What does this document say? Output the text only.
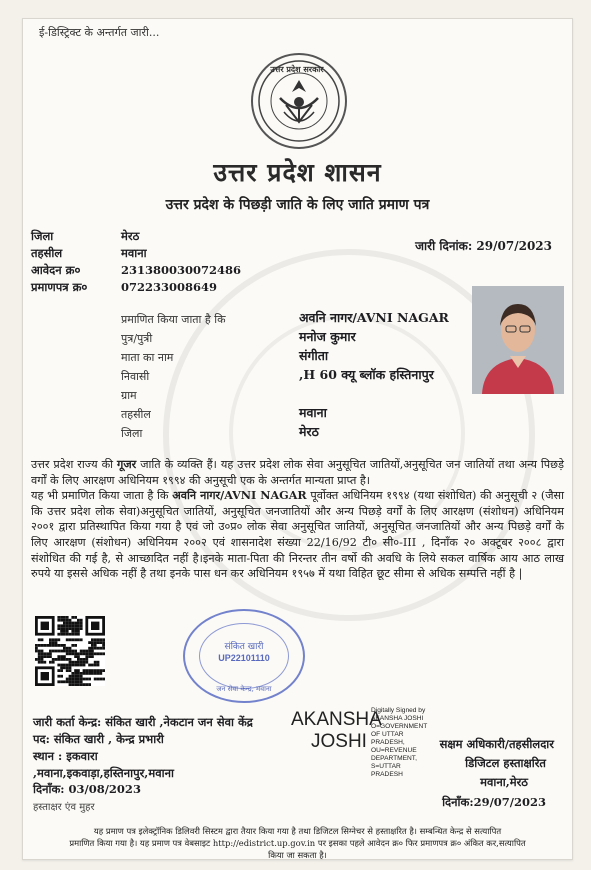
ई-डिस्ट्रिक्ट के अन्तर्गत जारी...
उत्तर प्रदेश सरकार
उत्तर प्रदेश शासन
उत्तर प्रदेश के पिछड़ी जाति के लिए जाति प्रमाण पत्र
जिला	मेरठ
तहसील	मवाना
आवेदन क्र०	231380030072486
प्रमाणपत्र क्र०	072233008649
जारी दिनांक: 29/07/2023
प्रमाणित किया जाता है कि	अवनि नागर/AVNI NAGAR
पुत्र/पुत्री	मनोज कुमार
माता का नाम	संगीता
निवासी	,H 60 क्यू ब्लॉक हस्तिनापुर
ग्राम
तहसील	मवाना
जिला	मेरठ
उत्तर प्रदेश राज्य की गूजर जाति के व्यक्ति हैं। यह उत्तर प्रदेश लोक सेवा अनुसूचित जातियों,अनुसूचित जन जातियों तथा अन्य पिछड़े वर्गों के लिए आरक्षण अधिनियम १९९४ की अनुसूची एक के अन्तर्गत मान्यता प्राप्त है।
यह भी प्रमाणित किया जाता है कि अवनि नागर/AVNI NAGAR पूर्वोक्त अधिनियम १९९४ (यथा संशोधित) की अनुसूची २ (जैसा कि उत्तर प्रदेश लोक सेवा)अनुसूचित जातियों, अनुसूचित जनजातियों और अन्य पिछड़े वर्गों के लिए आरक्षण (संशोधन) अधिनियम २००१ द्वारा प्रतिस्थापित किया गया है एवं जो उ०प्र० लोक सेवा अनुसूचित जातियों, अनुसूचित जनजातियों और अन्य पिछड़े वर्गों के लिए आरक्षण (संशोधन) अधिनियम २००२ एवं शासनादेश संख्या 22/16/92 टी० सी०-III , दिनाँक २० अक्टूबर २००८ द्वारा संशोधित की गई है, से आच्छादित नहीं है।इनके माता-पिता की निरन्तर तीन वर्षो की अवधि के लिये सकल वार्षिक आय आठ लाख रुपये या इससे अधिक नहीं है तथा इनके पास धन कर अधिनियम १९५७ में यथा विहित छूट सीमा से अधिक सम्पत्ति नहीं है |
संकित खारी
UP22101110
जन सेवा केन्द्र, मवाना
जारी कर्ता केन्द्र: संकित खारी ,नेकटान जन सेवा केंद्र
पद: संकित खारी , केन्द्र प्रभारी
स्थान : इकवारा
,मवाना,इकवाड़ा,हस्तिनापुर,मवाना
दिनाँक: 03/08/2023
हस्ताक्षर एंव मुहर
AKANSHA
JOSHI
Digitally Signed by
AKANSHA JOSHI
O=GOVERNMENT
OF UTTAR
PRADESH,
OU=REVENUE
DEPARTMENT,
S=UTTAR
PRADESH
सक्षम अधिकारी/तहसीलदार
डिजिटल हस्ताक्षरित
मवाना,मेरठ
दिनाँक:29/07/2023
यह प्रमाण पत्र इलेक्ट्रॉनिक डिलिवरी सिस्टम द्वारा तैयार किया गया है तथा डिजिटल सिग्नेचर से हस्ताक्षरित है। सम्बन्धित केन्द्र से सत्यापित
प्रमाणित किया गया है। यह प्रमाण पत्र वेबसाइट http://edistrict.up.gov.in पर इसका पहले आवेदन क्र० फिर प्रमाणपत्र क्र० अंकित कर,सत्यापित
किया जा सकता है।
